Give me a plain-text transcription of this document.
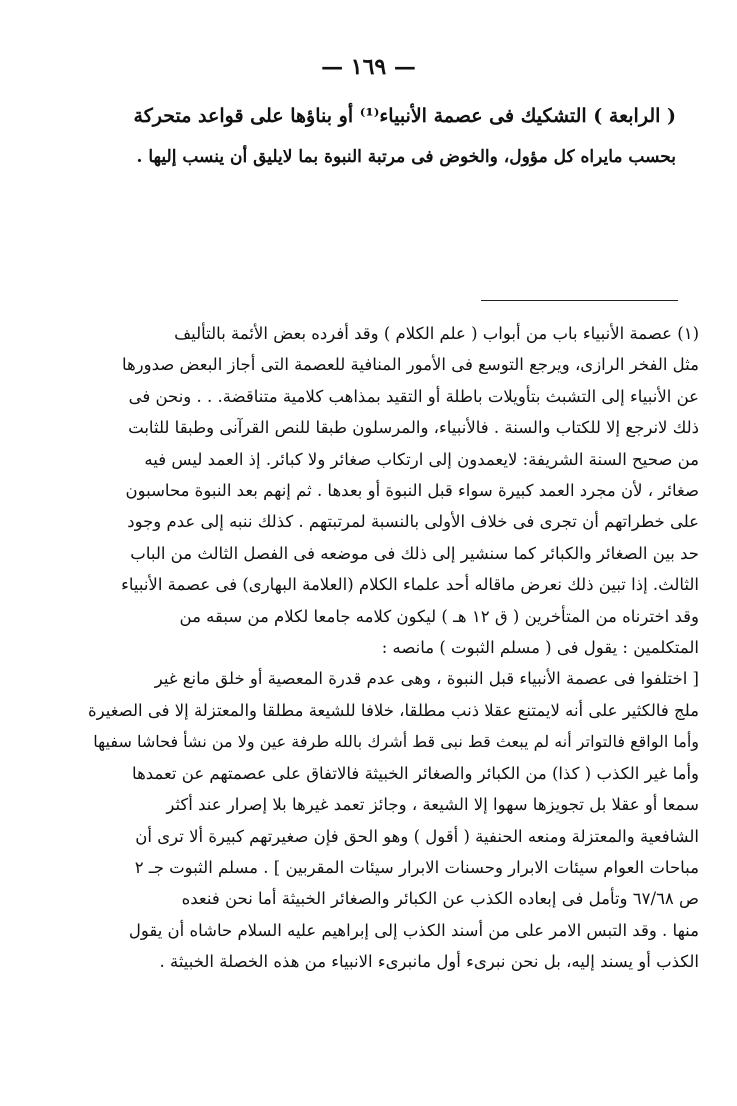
— ١٦٩ —
( الرابعة ) التشكيك فى عصمة الأنبياء⁽¹⁾ أو بناؤها على قواعد متحركة
بحسب مايراه كل مؤول، والخوض فى مرتبة النبوة بما لايليق أن ينسب إليها .
(١) عصمة الأنبياء باب من أبواب ( علم الكلام ) وقد أفرده بعض الأئمة بالتأليف
مثل الفخر الرازى، ويرجع التوسع فى الأمور المنافية للعصمة التى أجاز البعض صدورها
عن الأنبياء إلى التشبث بتأويلات باطلة أو التقيد بمذاهب كلامية متناقضة. . . ونحن فى
ذلك لانرجع إلا للكتاب والسنة . فالأنبياء، والمرسلون طبقا للنص القرآنى وطبقا للثابت
من صحيح السنة الشريفة: لايعمدون إلى ارتكاب صغائر ولا كبائر. إذ العمد ليس فيه
صغائر ، لأن مجرد العمد كبيرة سواء قبل النبوة أو بعدها . ثم إنهم بعد النبوة محاسبون
على خطراتهم أن تجرى فى خلاف الأولى بالنسبة لمرتبتهم . كذلك ننبه إلى عدم وجود
حد بين الصغائر والكبائر كما سنشير إلى ذلك فى موضعه فى الفصل الثالث من الباب
الثالث. إذا تبين ذلك نعرض ماقاله أحد علماء الكلام (العلامة البهارى) فى عصمة الأنبياء
وقد اخترناه من المتأخرين ( ق ١٢ هـ ) ليكون كلامه جامعا لكلام من سبقه من
المتكلمين : يقول فى ( مسلم الثبوت ) مانصه :
[ اختلفوا فى عصمة الأنبياء قبل النبوة ، وهى عدم قدرة المعصية أو خلق مانع غير
ملج فالكثير على أنه لايمتنع عقلا ذنب مطلقا، خلافا للشيعة مطلقا والمعتزلة إلا فى الصغيرة
وأما الواقع فالتواتر أنه لم يبعث قط نبى قط أشرك بالله طرفة عين ولا من نشأ فحاشا سفيها
وأما غير الكذب ( كذا) من الكبائر والصغائر الخبيثة فالاتفاق على عصمتهم عن تعمدها
سمعا أو عقلا بل تجويزها سهوا إلا الشيعة ، وجائز تعمد غيرها بلا إصرار عند أكثر
الشافعية والمعتزلة ومنعه الحنفية ( أقول ) وهو الحق فإن صغيرتهم كبيرة ألا ترى أن
مباحات العوام سيئات الابرار وحسنات الابرار سيئات المقربين ] . مسلم الثبوت جـ ٢
ص ٦٧/٦٨ وتأمل فى إبعاده الكذب عن الكبائر والصغائر الخبيثة أما نحن فنعده
منها . وقد التبس الامر على من أسند الكذب إلى إبراهيم عليه السلام حاشاه أن يقول
الكذب أو يسند إليه، بل نحن نبرىء أول مانبرىء الانبياء من هذه الخصلة الخبيثة .
